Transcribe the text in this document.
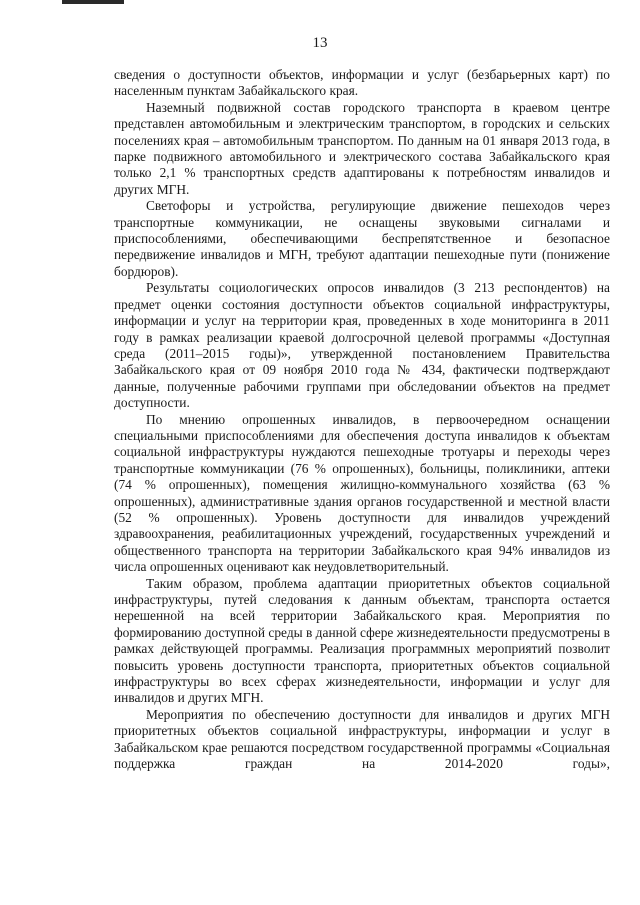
13

сведения о доступности объектов, информации и услуг (безбарьерных карт) по населенным пунктам Забайкальского края.

Наземный подвижной состав городского транспорта в краевом центре представлен автомобильным и электрическим транспортом, в городских и сельских поселениях края – автомобильным транспортом. По данным на 01 января 2013 года, в парке подвижного автомобильного и электрического состава Забайкальского края только 2,1 % транспортных средств адаптированы к потребностям инвалидов и других МГН.

Светофоры и устройства, регулирующие движение пешеходов через транспортные коммуникации, не оснащены звуковыми сигналами и приспособлениями, обеспечивающими беспрепятственное и безопасное передвижение инвалидов и МГН, требуют адаптации пешеходные пути (понижение бордюров).

Результаты социологических опросов инвалидов (3 213 респондентов) на предмет оценки состояния доступности объектов социальной инфраструктуры, информации и услуг на территории края, проведенных в ходе мониторинга в 2011 году в рамках реализации краевой долгосрочной целевой программы «Доступная среда (2011–2015 годы)», утвержденной постановлением Правительства Забайкальского края от 09 ноября 2010 года № 434, фактически подтверждают данные, полученные рабочими группами при обследовании объектов на предмет доступности.

По мнению опрошенных инвалидов, в первоочередном оснащении специальными приспособлениями для обеспечения доступа инвалидов к объектам социальной инфраструктуры нуждаются пешеходные тротуары и переходы через транспортные коммуникации (76 % опрошенных), больницы, поликлиники, аптеки (74 % опрошенных), помещения жилищно-коммунального хозяйства (63 % опрошенных), административные здания органов государственной и местной власти (52 % опрошенных). Уровень доступности для инвалидов учреждений здравоохранения, реабилитационных учреждений, государственных учреждений и общественного транспорта на территории Забайкальского края 94% инвалидов из числа опрошенных оценивают как неудовлетворительный.

Таким образом, проблема адаптации приоритетных объектов социальной инфраструктуры, путей следования к данным объектам, транспорта остается нерешенной на всей территории Забайкальского края. Мероприятия по формированию доступной среды в данной сфере жизнедеятельности предусмотрены в рамках действующей программы. Реализация программных мероприятий позволит повысить уровень доступности транспорта, приоритетных объектов социальной инфраструктуры во всех сферах жизнедеятельности, информации и услуг для инвалидов и других МГН.

Мероприятия по обеспечению доступности для инвалидов и других МГН приоритетных объектов социальной инфраструктуры, информации и услуг в Забайкальском крае решаются посредством государственной программы «Социальная поддержка граждан на 2014-2020 годы»,
